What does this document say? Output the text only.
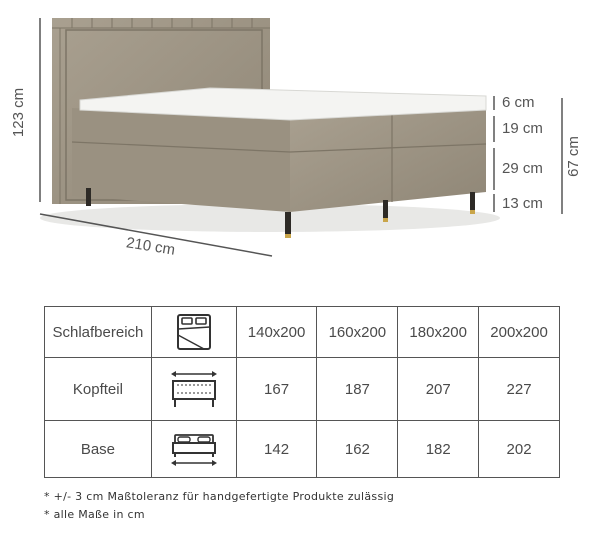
123 cm
210 cm
67 cm
6 cm
19 cm
29 cm
13 cm
Schlafbereich		140x200	160x200	180x200	200x200
Kopfteil		167	187	207	227
Base		142	162	182	202
* +/- 3 cm Maßtoleranz für handgefertigte Produkte zulässig
* alle Maße in cm
